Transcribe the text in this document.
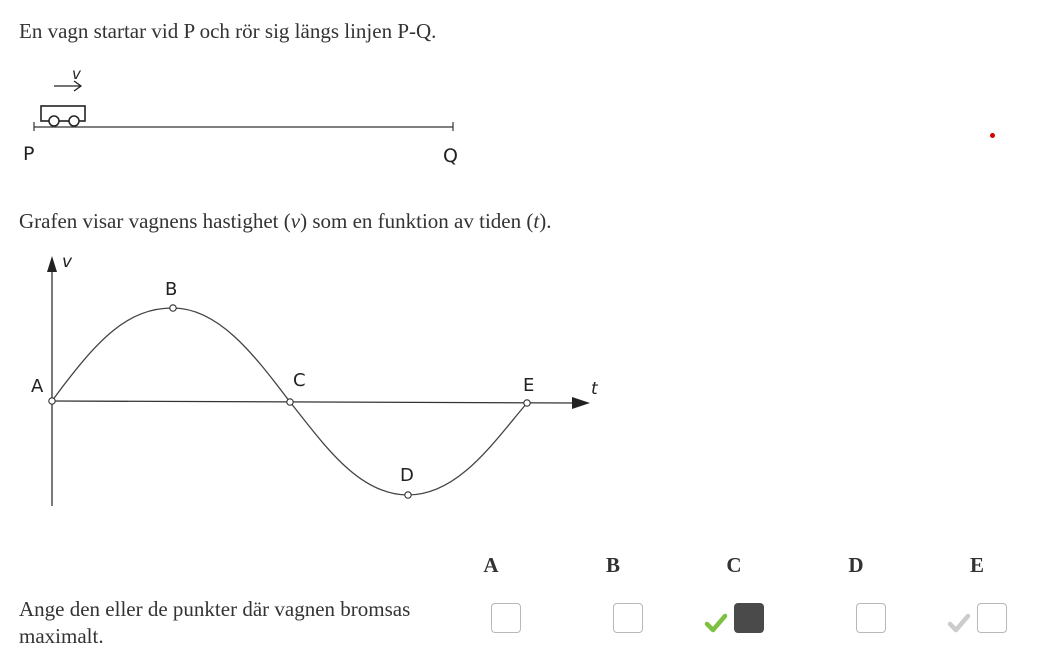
En vagn startar vid P och rör sig längs linjen P-Q.
v
P	Q
Grafen visar vagnens hastighet (v) som en funktion av tiden (t).
v
t
A
B
C
D
E
Ange den eller de punkter där vagnen bromsas maximalt.
A	B	C	D	E
